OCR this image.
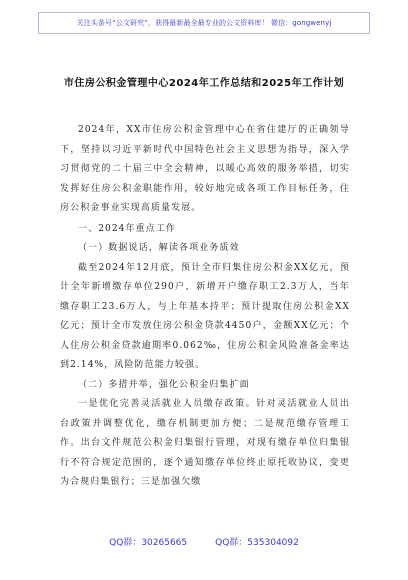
关注头条号“公文研究”，获得最新最全最专业的公文资料库！ 微信：gongwenyj
市住房公积金管理中心2024年工作总结和2025年工作计划

2024年，XX市住房公积金管理中心在省住建厅的正确领导下，坚持以习近平新时代中国特色社会主义思想为指导，深入学习贯彻党的二十届三中全会精神，以暖心高效的服务举措，切实发挥好住房公积金职能作用，较好地完成各项工作目标任务，住房公积金事业实现高质量发展。

一、2024年重点工作

（一）数据说话，解读各项业务质效

截至2024年12月底，预计全市归集住房公积金XX亿元，预计全年新增缴存单位290户，新增开户缴存职工2.3万人，当年缴存职工23.6万人，与上年基本持平；预计提取住房公积金XX亿元；预计全市发放住房公积金贷款4450户，金额XX亿元；个人住房公积金贷款逾期率0.062‰，住房公积金风险准备金率达到2.14%，风险防范能力较强。

（二）多措并举，强化公积金归集扩面

一是优化完善灵活就业人员缴存政策。针对灵活就业人员出台政策并调整优化，缴存机制更加方便；二是规范缴存管理工作。出台文件规范公积金归集银行管理，对现有缴存单位归集银行不符合规定范围的，逐个通知缴存单位终止原托收协议，变更为合规归集银行；三是加强欠缴

QQ群：30265665	QQ群：535304092
